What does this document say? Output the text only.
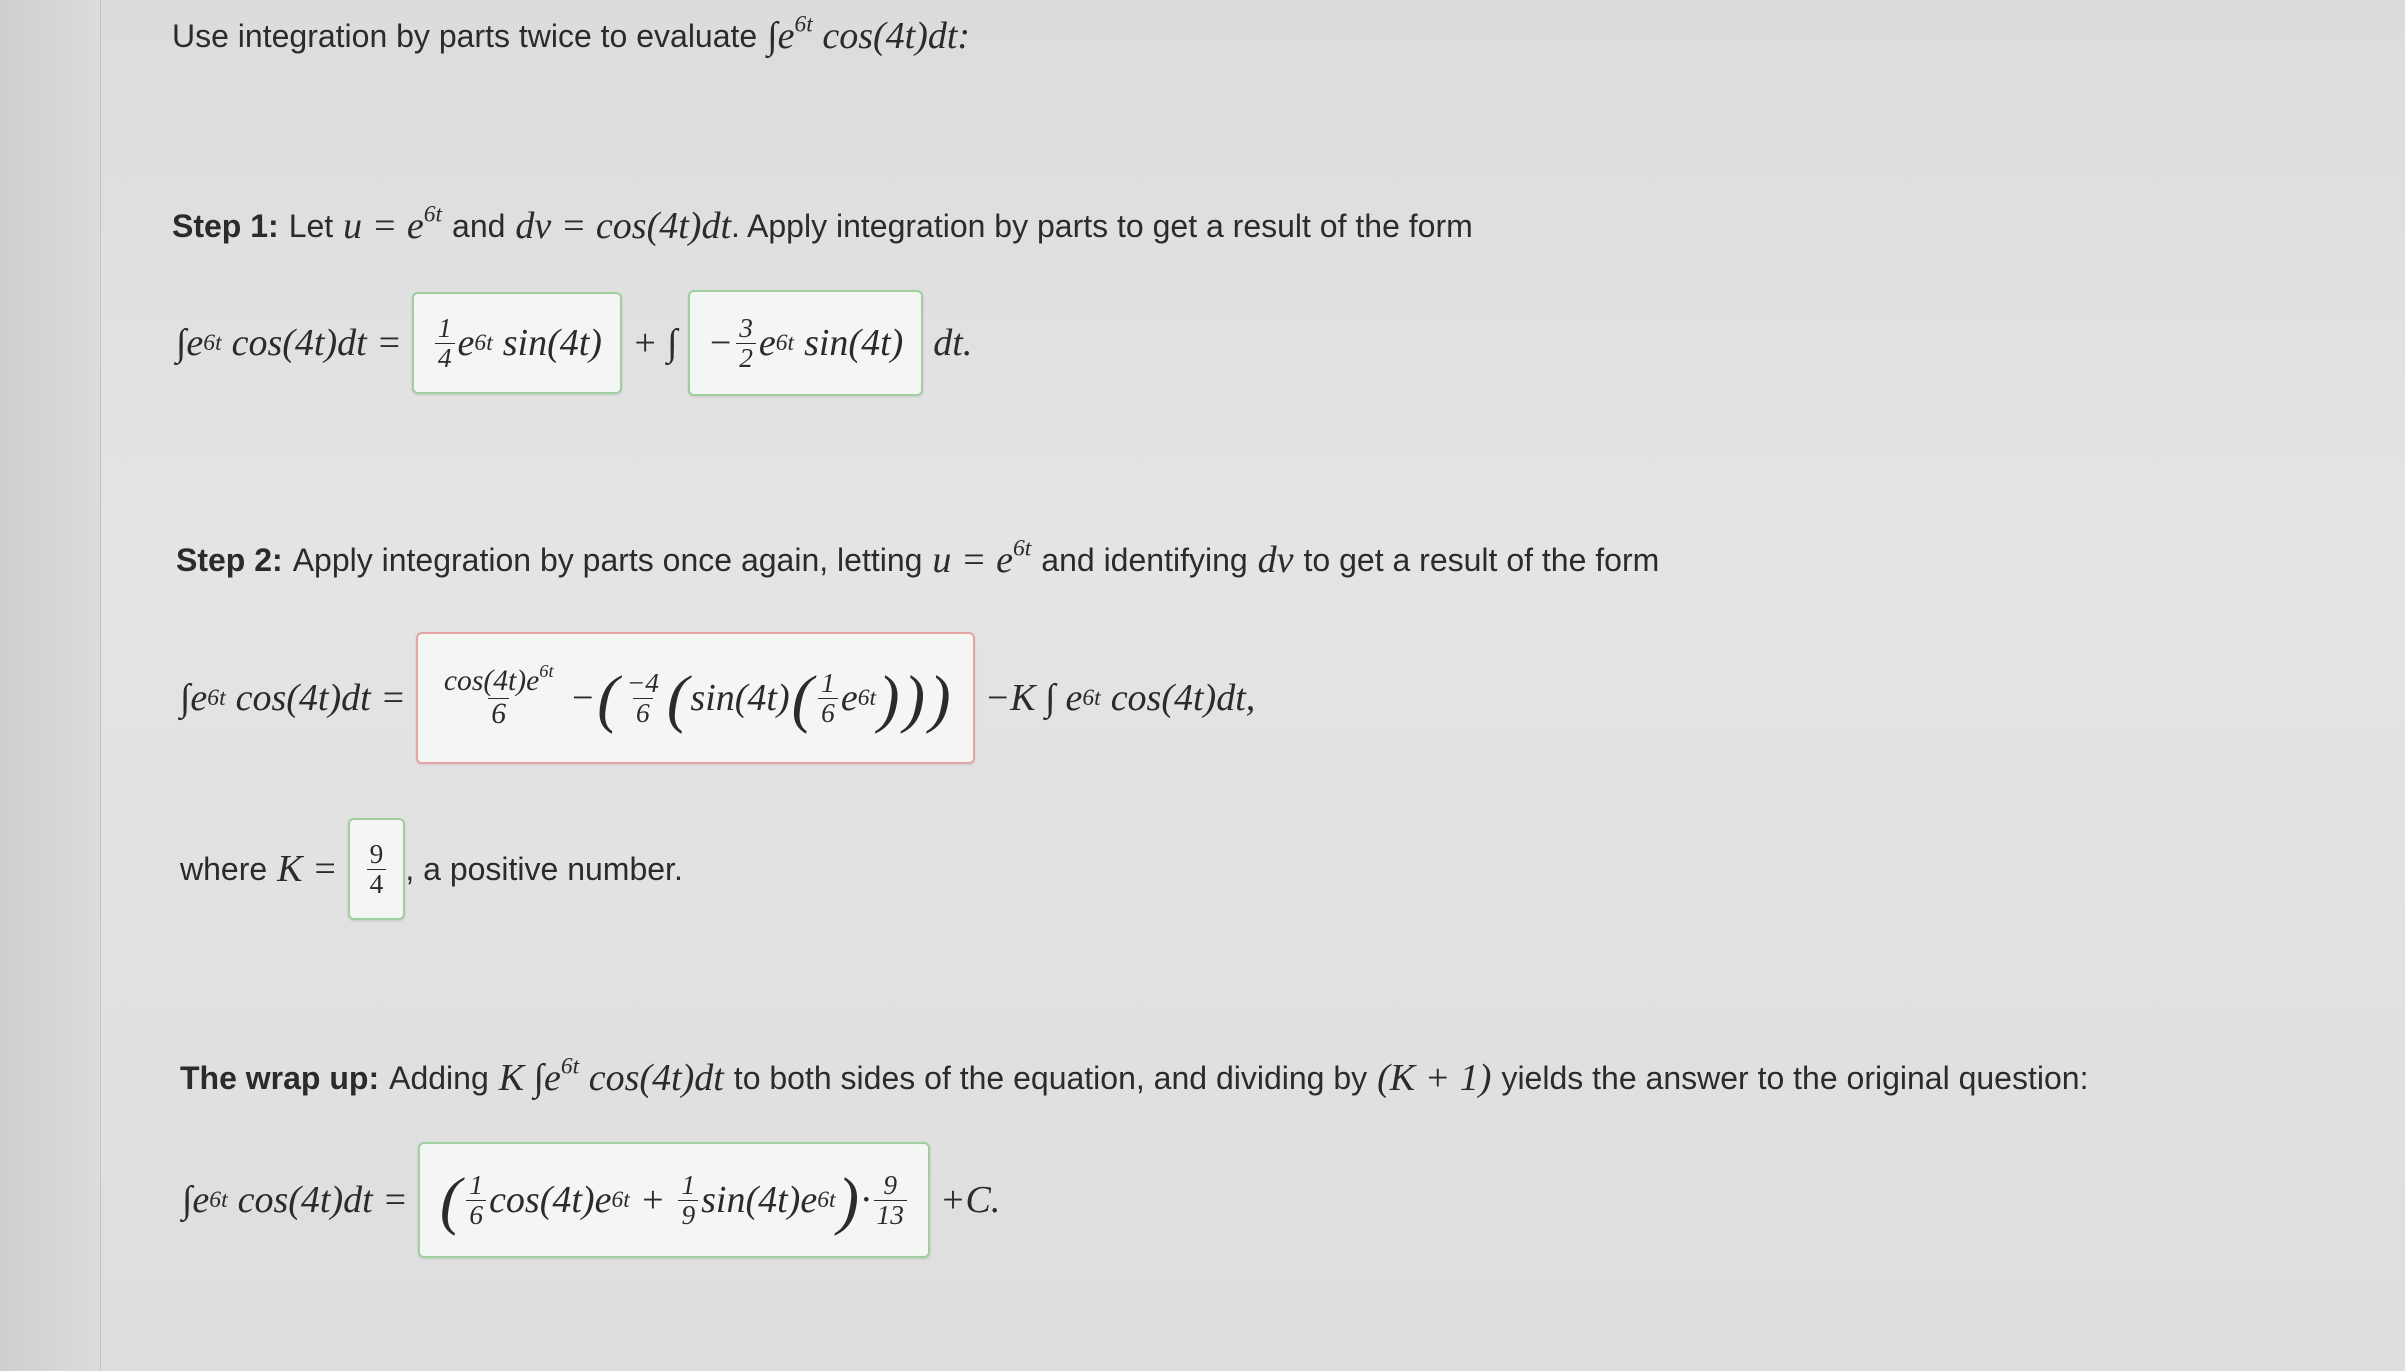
Use integration by parts twice to evaluate $\int e^{6t}$ cos(4t)dt:
Step 1: Let $u = e^{6t}$ and dv = cos(4t)dt . Apply integration by parts to get a result of the form
∫ e 6t $\cos(4t)dt = \frac{1}{4}$ e 6t sin(4t) + ∫ − $\frac{3}{2}$ e 6t sin(4t) dt.
Step 2: Apply integration by parts once again, letting $u = e^{6t}$ and identifying dv to get a result of the form
∫ e 6t $\cos(4t)dt = \frac{\cos(4t)e^{6t}}{6}$ − ( $\frac{-4}{6}$ ( sin(4t) ( $\frac{1}{6}$ e 6t ) ) ) −K ∫ e 6t cos(4t)dt,
where $K = \frac{9}{4}$ , a positive number.
The wrap up: Adding K $\int e^{6t}$ cos(4t)dt to both sides of the equation, and dividing by (K + 1) yields the answer to the original question:
∫ e 6t cos(4t)dt = ( $\frac{1}{6} \cos(4t)e$ $6t + \frac{1}{9} \sin(4t)e$ 6t ) · $\frac{9}{13} +C$.
